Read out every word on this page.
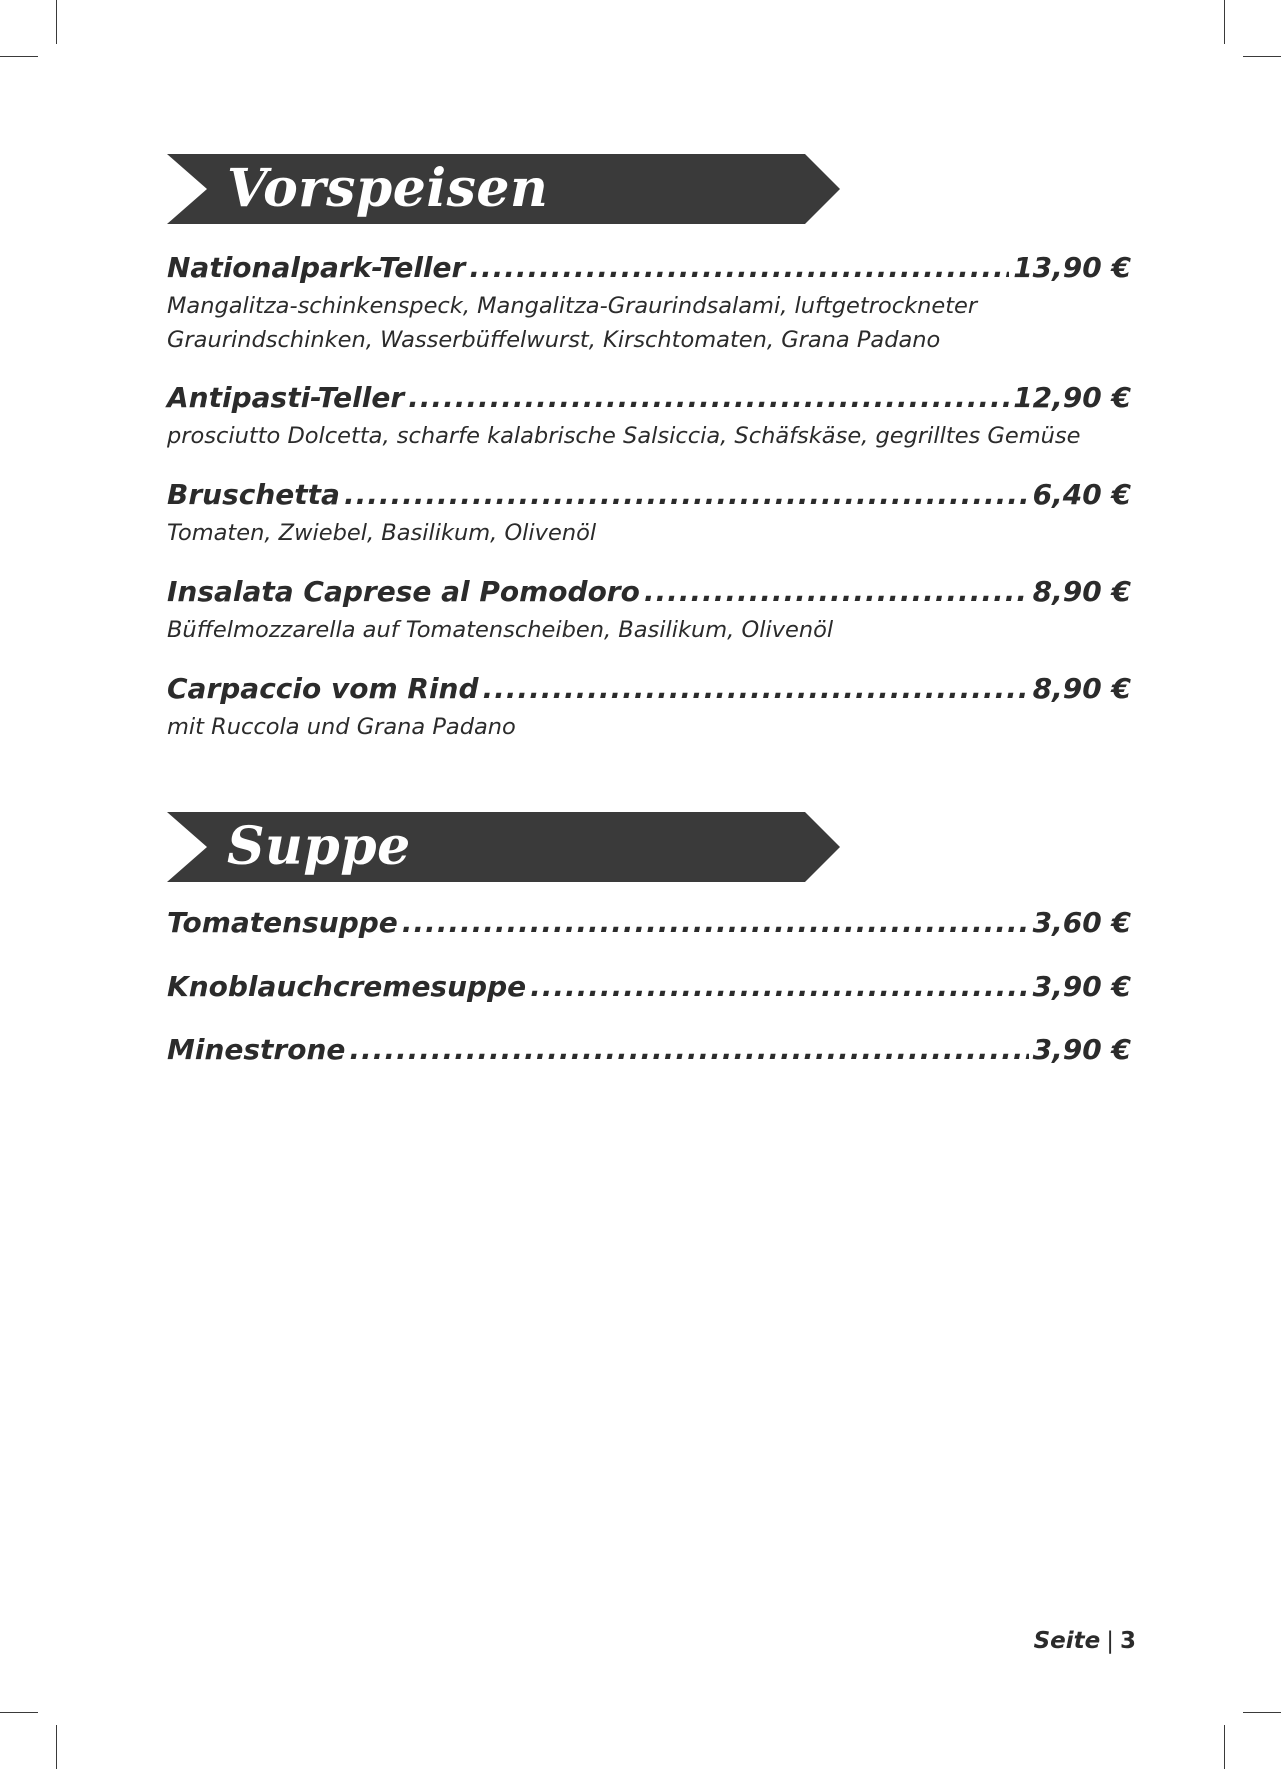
Vorspeisen
Nationalpark-Teller .....	13,90 €
Mangalitza-schinkenspeck, Mangalitza-Graurindsalami, luftgetrockneter Graurindschinken, Wasserbüffelwurst, Kirschtomaten, Grana Padano
Antipasti-Teller .....	12,90 €
prosciutto Dolcetta, scharfe kalabrische Salsiccia, Schäfskäse, gegrilltes Gemüse
Bruschetta .....	6,40 €
Tomaten, Zwiebel, Basilikum, Olivenöl
Insalata Caprese al Pomodoro .....	8,90 €
Büffelmozzarella auf Tomatenscheiben, Basilikum, Olivenöl
Carpaccio vom Rind .....	8,90 €
mit Ruccola und Grana Padano
Suppe
Tomatensuppe .....	3,60 €
Knoblauchcremesuppe .....	3,90 €
Minestrone .....	3,90 €
Seite | 3
